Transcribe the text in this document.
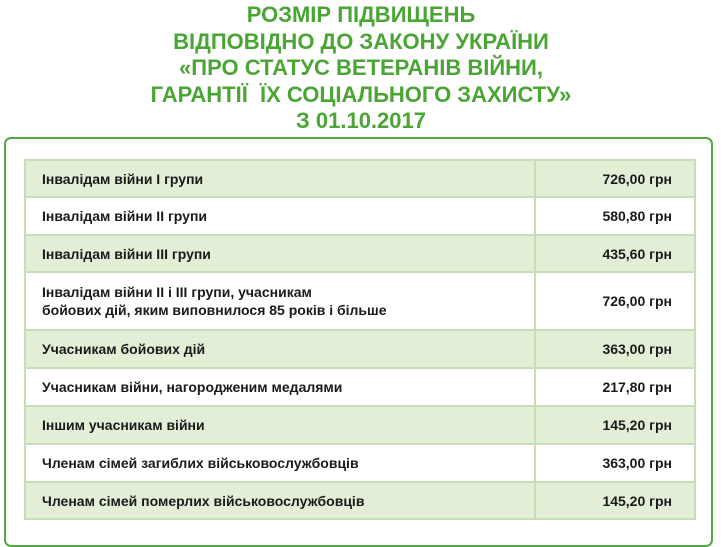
РОЗМІР ПІДВИЩЕНЬ
ВІДПОВІДНО ДО ЗАКОНУ УКРАЇНИ
«ПРО СТАТУС ВЕТЕРАНІВ ВІЙНИ,
ГАРАНТІЇ  ЇХ СОЦІАЛЬНОГО ЗАХИСТУ»
З 01.10.2017
Інвалідам війни I групи	726,00 грн
Інвалідам війни II групи	580,80 грн
Інвалідам війни III групи	435,60 грн

Інвалідам війни II і III групи, учасникам
бойових дій, яким виповнилося 85 років і більше	726,00 грн
Учасникам бойових дій	363,00 грн
Учасникам війни, нагородженим медалями	217,80 грн
Іншим учасникам війни	145,20 грн
Членам сімей загиблих військовослужбовців	363,00 грн
Членам сімей померлих військовослужбовців	145,20 грн
